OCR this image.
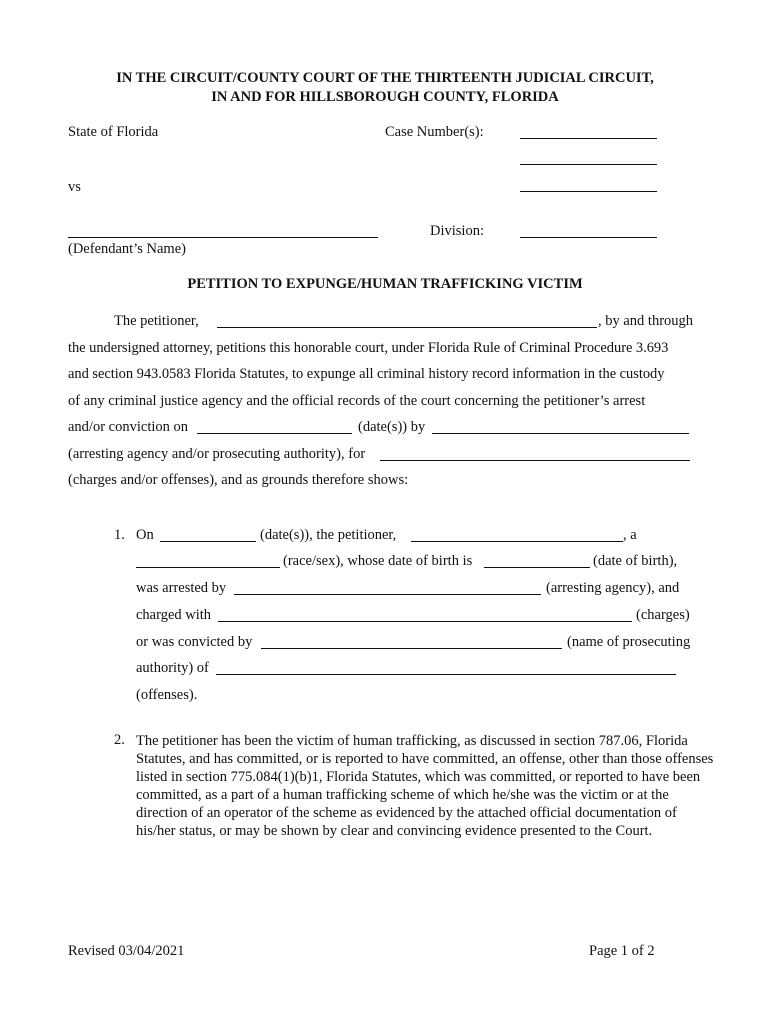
IN THE CIRCUIT/COUNTY COURT OF THE THIRTEENTH JUDICIAL CIRCUIT,
IN AND FOR HILLSBOROUGH COUNTY, FLORIDA
State of Florida	Case Number(s):
vs
Division:
(Defendant’s Name)
PETITION TO EXPUNGE/HUMAN TRAFFICKING VICTIM
The petitioner,	, by and through
the undersigned attorney, petitions this honorable court, under Florida Rule of Criminal Procedure 3.693
and section 943.0583 Florida Statutes, to expunge all criminal history record information in the custody
of any criminal justice agency and the official records of the court concerning the petitioner’s arrest
and/or conviction on	(date(s)) by
(arresting agency and/or prosecuting authority), for
(charges and/or offenses), and as grounds therefore shows:
1. On	(date(s)), the petitioner,	, a
(race/sex), whose date of birth is	(date of birth),
was arrested by	(arresting agency), and
charged with	(charges)
or was convicted by	(name of prosecuting
authority) of
(offenses).
2. The petitioner has been the victim of human trafficking, as discussed in section 787.06, Florida Statutes, and has committed, or is reported to have committed, an offense, other than those offenses listed in section 775.084(1)(b)1, Florida Statutes, which was committed, or reported to have been committed, as a part of a human trafficking scheme of which he/she was the victim or at the direction of an operator of the scheme as evidenced by the attached official documentation of his/her status, or may be shown by clear and convincing evidence presented to the Court.
Revised 03/04/2021	Page 1 of 2
